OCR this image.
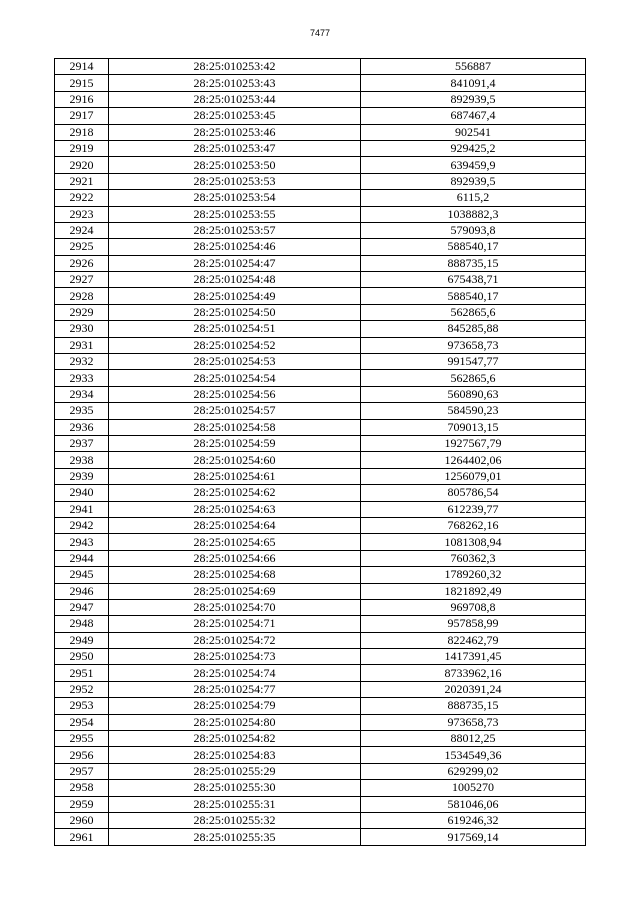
7477
2914	28:25:010253:42	556887
2915	28:25:010253:43	841091,4
2916	28:25:010253:44	892939,5
2917	28:25:010253:45	687467,4
2918	28:25:010253:46	902541
2919	28:25:010253:47	929425,2
2920	28:25:010253:50	639459,9
2921	28:25:010253:53	892939,5
2922	28:25:010253:54	6115,2
2923	28:25:010253:55	1038882,3
2924	28:25:010253:57	579093,8
2925	28:25:010254:46	588540,17
2926	28:25:010254:47	888735,15
2927	28:25:010254:48	675438,71
2928	28:25:010254:49	588540,17
2929	28:25:010254:50	562865,6
2930	28:25:010254:51	845285,88
2931	28:25:010254:52	973658,73
2932	28:25:010254:53	991547,77
2933	28:25:010254:54	562865,6
2934	28:25:010254:56	560890,63
2935	28:25:010254:57	584590,23
2936	28:25:010254:58	709013,15
2937	28:25:010254:59	1927567,79
2938	28:25:010254:60	1264402,06
2939	28:25:010254:61	1256079,01
2940	28:25:010254:62	805786,54
2941	28:25:010254:63	612239,77
2942	28:25:010254:64	768262,16
2943	28:25:010254:65	1081308,94
2944	28:25:010254:66	760362,3
2945	28:25:010254:68	1789260,32
2946	28:25:010254:69	1821892,49
2947	28:25:010254:70	969708,8
2948	28:25:010254:71	957858,99
2949	28:25:010254:72	822462,79
2950	28:25:010254:73	1417391,45
2951	28:25:010254:74	8733962,16
2952	28:25:010254:77	2020391,24
2953	28:25:010254:79	888735,15
2954	28:25:010254:80	973658,73
2955	28:25:010254:82	88012,25
2956	28:25:010254:83	1534549,36
2957	28:25:010255:29	629299,02
2958	28:25:010255:30	1005270
2959	28:25:010255:31	581046,06
2960	28:25:010255:32	619246,32
2961	28:25:010255:35	917569,14
